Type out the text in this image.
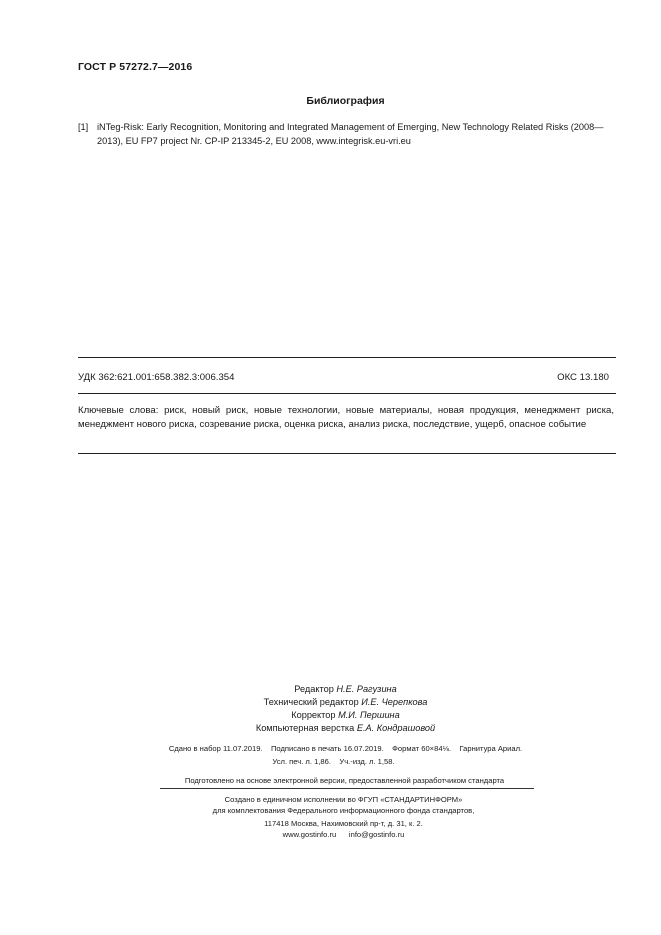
ГОСТ Р 57272.7—2016
Библиография
[1] iNTeg-Risk: Early Recognition, Monitoring and Integrated Management of Emerging, New Technology Related Risks (2008—2013), EU FP7 project Nr. CP-IP 213345-2, EU 2008, www.integrisk.eu-vri.eu
УДК 362:621.001:658.382.3:006.354	ОКС 13.180
Ключевые слова: риск, новый риск, новые технологии, новые материалы, новая продукция, менеджмент риска, менеджмент нового риска, созревание риска, оценка риска, анализ риска, последствие, ущерб, опасное событие
Редактор Н.Е. Рагузина
Технический редактор И.Е. Черепкова
Корректор М.И. Першина
Компьютерная верстка Е.А. Кондрашовой
Сдано в набор 11.07.2019.    Подписано в печать 16.07.2019.    Формат 60×84⅛.    Гарнитура Ариал.
Усл. печ. л. 1,86.    Уч.-изд. л. 1,58.
Подготовлено на основе электронной версии, предоставленной разработчиком стандарта
Создано в единичном исполнении во ФГУП «СТАНДАРТИНФОРМ»
для комплектования Федерального информационного фонда стандартов,
117418 Москва, Нахимовский пр-т, д. 31, к. 2.
www.gostinfo.ru      info@gostinfo.ru
